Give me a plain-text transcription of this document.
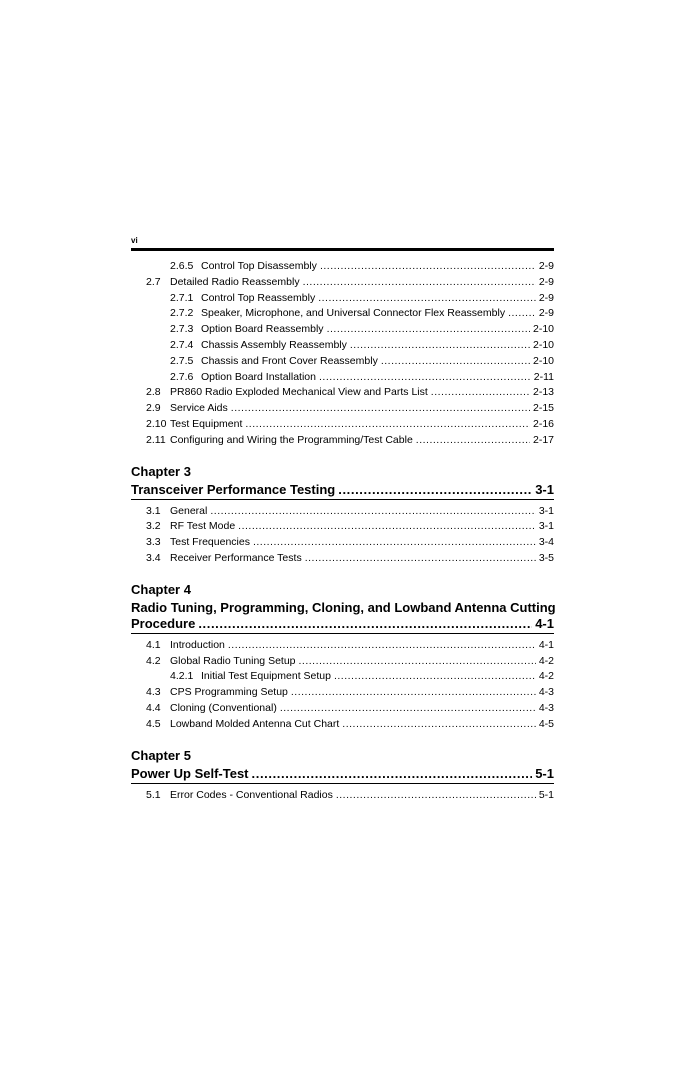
vi
2.6.5 Control Top Disassembly .....	2-9
2.7 Detailed Radio Reassembly .....	2-9
2.7.1 Control Top Reassembly .....	2-9
2.7.2 Speaker, Microphone, and Universal Connector Flex Reassembly .....	2-9
2.7.3 Option Board Reassembly .....	2-10
2.7.4 Chassis Assembly Reassembly .....	2-10
2.7.5 Chassis and Front Cover Reassembly .....	2-10
2.7.6 Option Board Installation .....	2-11
2.8 PR860 Radio Exploded Mechanical View and Parts List .....	2-13
2.9 Service Aids .....	2-15
2.10 Test Equipment .....	2-16
2.11 Configuring and Wiring the Programming/Test Cable .....	2-17
Chapter 3
Transceiver Performance Testing .....	3-1
3.1 General .....	3-1
3.2 RF Test Mode .....	3-1
3.3 Test Frequencies .....	3-4
3.4 Receiver Performance Tests .....	3-5
Chapter 4
Radio Tuning, Programming, Cloning, and Lowband Antenna Cutting
Procedure .....	4-1
4.1 Introduction .....	4-1
4.2 Global Radio Tuning Setup .....	4-2
4.2.1 Initial Test Equipment Setup .....	4-2
4.3 CPS Programming Setup .....	4-3
4.4 Cloning (Conventional) .....	4-3
4.5 Lowband Molded Antenna Cut Chart .....	4-5
Chapter 5
Power Up Self-Test .....	5-1
5.1 Error Codes - Conventional Radios .....	5-1
